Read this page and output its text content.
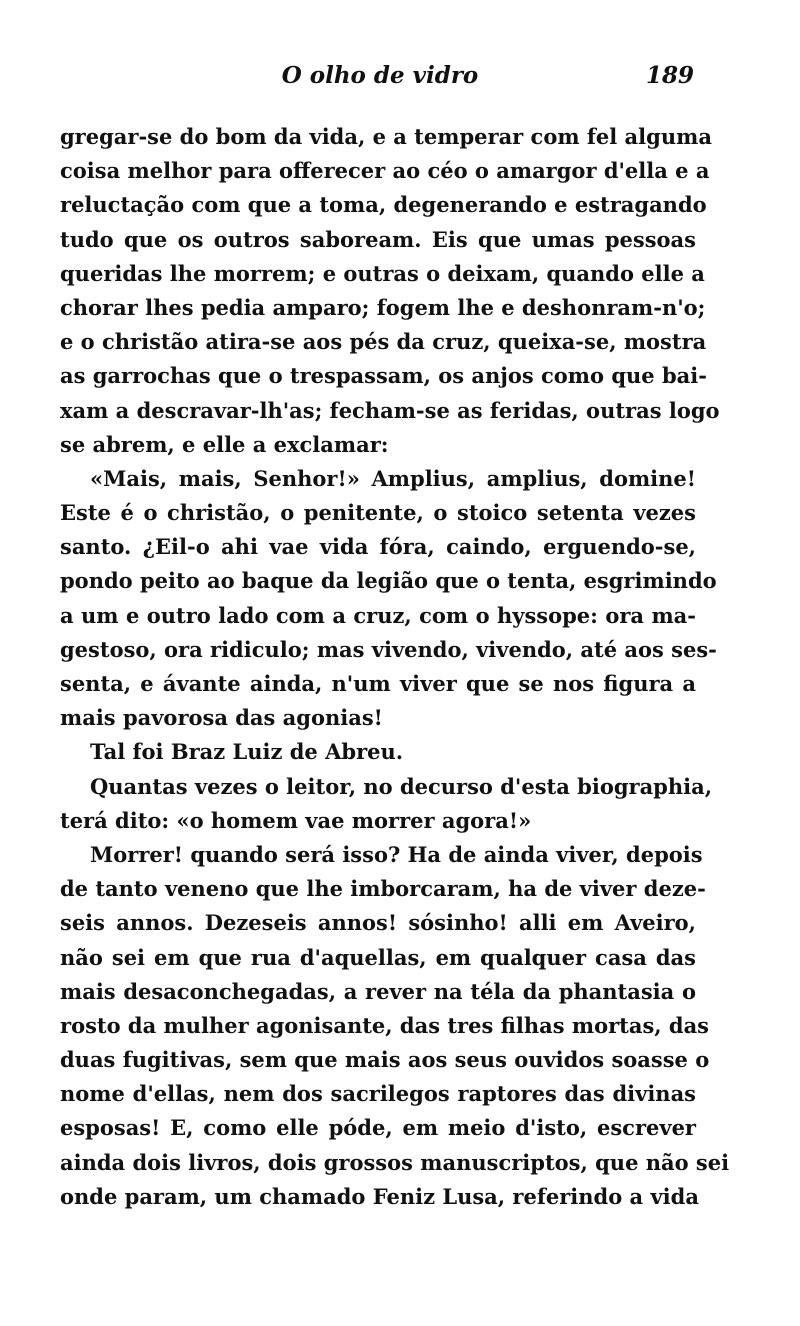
O olho de vidro	189
gregar-se do bom da vida, e a temperar com fel alguma
coisa melhor para offerecer ao céo o amargor d'ella e a
reluctação com que a toma, degenerando e estragando
tudo que os outros saboream. Eis que umas pessoas
queridas lhe morrem; e outras o deixam, quando elle a
chorar lhes pedia amparo; fogem lhe e deshonram-n'o;
e o christão atira-se aos pés da cruz, queixa-se, mostra
as garrochas que o trespassam, os anjos como que bai-
xam a descravar-lh'as; fecham-se as feridas, outras logo
se abrem, e elle a exclamar:
«Mais, mais, Senhor!» Amplius, amplius, domine!
Este é o christão, o penitente, o stoico setenta vezes
santo. ¿Eil-o ahi vae vida fóra, caindo, erguendo-se,
pondo peito ao baque da legião que o tenta, esgrimindo
a um e outro lado com a cruz, com o hyssope: ora ma-
gestoso, ora ridiculo; mas vivendo, vivendo, até aos ses-
senta, e ávante ainda, n'um viver que se nos figura a
mais pavorosa das agonias!
Tal foi Braz Luiz de Abreu.
Quantas vezes o leitor, no decurso d'esta biographia,
terá dito: «o homem vae morrer agora!»
Morrer! quando será isso? Ha de ainda viver, depois
de tanto veneno que lhe imborcaram, ha de viver deze-
seis annos. Dezeseis annos! sósinho! alli em Aveiro,
não sei em que rua d'aquellas, em qualquer casa das
mais desaconchegadas, a rever na téla da phantasia o
rosto da mulher agonisante, das tres filhas mortas, das
duas fugitivas, sem que mais aos seus ouvidos soasse o
nome d'ellas, nem dos sacrilegos raptores das divinas
esposas! E, como elle póde, em meio d'isto, escrever
ainda dois livros, dois grossos manuscriptos, que não sei
onde param, um chamado Feniz Lusa, referindo a vida
